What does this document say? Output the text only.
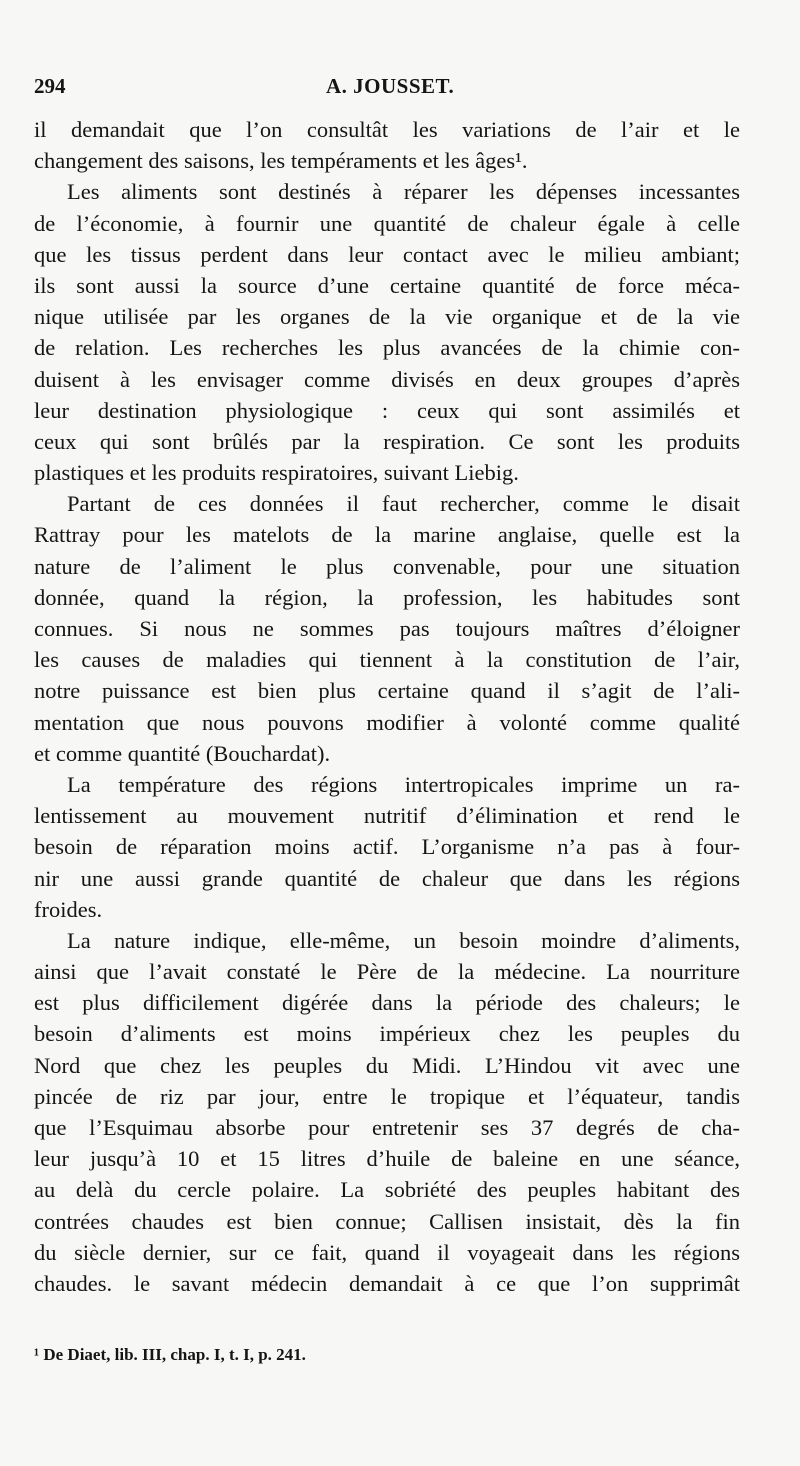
294	A. JOUSSET.
il demandait que l’on consultât les variations de l’air et le
changement des saisons, les tempéraments et les âges¹.
Les aliments sont destinés à réparer les dépenses incessantes
de l’économie, à fournir une quantité de chaleur égale à celle
que les tissus perdent dans leur contact avec le milieu ambiant;
ils sont aussi la source d’une certaine quantité de force méca-
nique utilisée par les organes de la vie organique et de la vie
de relation. Les recherches les plus avancées de la chimie con-
duisent à les envisager comme divisés en deux groupes d’après
leur destination physiologique : ceux qui sont assimilés et
ceux qui sont brûlés par la respiration. Ce sont les produits
plastiques et les produits respiratoires, suivant Liebig.
Partant de ces données il faut rechercher, comme le disait
Rattray pour les matelots de la marine anglaise, quelle est la
nature de l’aliment le plus convenable, pour une situation
donnée, quand la région, la profession, les habitudes sont
connues. Si nous ne sommes pas toujours maîtres d’éloigner
les causes de maladies qui tiennent à la constitution de l’air,
notre puissance est bien plus certaine quand il s’agit de l’ali-
mentation que nous pouvons modifier à volonté comme qualité
et comme quantité (Bouchardat).
La température des régions intertropicales imprime un ra-
lentissement au mouvement nutritif d’élimination et rend le
besoin de réparation moins actif. L’organisme n’a pas à four-
nir une aussi grande quantité de chaleur que dans les régions
froides.
La nature indique, elle-même, un besoin moindre d’aliments,
ainsi que l’avait constaté le Père de la médecine. La nourriture
est plus difficilement digérée dans la période des chaleurs; le
besoin d’aliments est moins impérieux chez les peuples du
Nord que chez les peuples du Midi. L’Hindou vit avec une
pincée de riz par jour, entre le tropique et l’équateur, tandis
que l’Esquimau absorbe pour entretenir ses 37 degrés de cha-
leur jusqu’à 10 et 15 litres d’huile de baleine en une séance,
au delà du cercle polaire. La sobriété des peuples habitant des
contrées chaudes est bien connue; Callisen insistait, dès la fin
du siècle dernier, sur ce fait, quand il voyageait dans les régions
chaudes. le savant médecin demandait à ce que l’on supprimât
¹ De Diaet, lib. III, chap. I, t. I, p. 241.
